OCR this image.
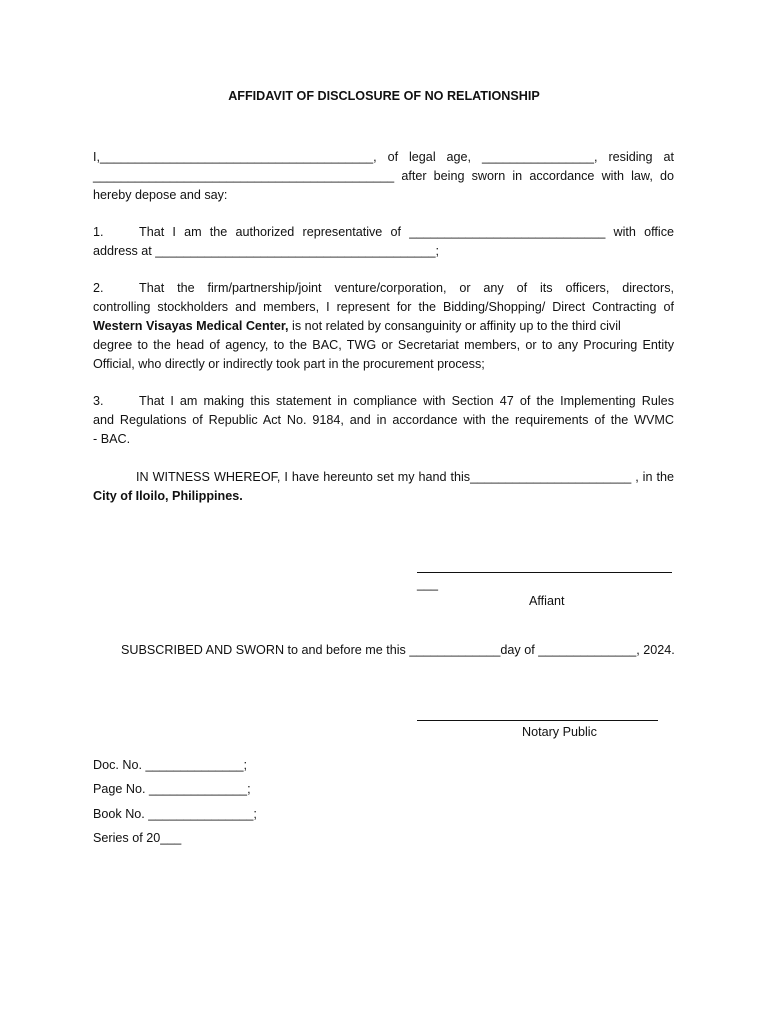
AFFIDAVIT OF DISCLOSURE OF NO RELATIONSHIP
I,_______________________________________, of legal age, ________________, residing at
___________________________________________ after being sworn in accordance with law, do
hereby depose and say:
1.	That I am the authorized representative of ____________________________ with office
address at ________________________________________;
2.	That the firm/partnership/joint venture/corporation, or any of its officers, directors,
controlling stockholders and members, I represent for the Bidding/Shopping/ Direct Contracting of
Western Visayas Medical Center, is not related by consanguinity or affinity up to the third civil
degree to the head of agency, to the BAC, TWG or Secretariat members, or to any Procuring Entity
Official, who directly or indirectly took part in the procurement process;
3.	That I am making this statement in compliance with Section 47 of the Implementing Rules
and Regulations of Republic Act No. 9184, and in accordance with the requirements of the WVMC
- BAC.
IN WITNESS WHEREOF, I have hereunto set my hand this_______________________ , in the
City of Iloilo, Philippines.
___
Affiant
SUBSCRIBED AND SWORN to and before me this _____________day of ______________, 2024.
Notary Public
Doc. No. ______________;
Page No. ______________;
Book No. _______________;
Series of 20___
